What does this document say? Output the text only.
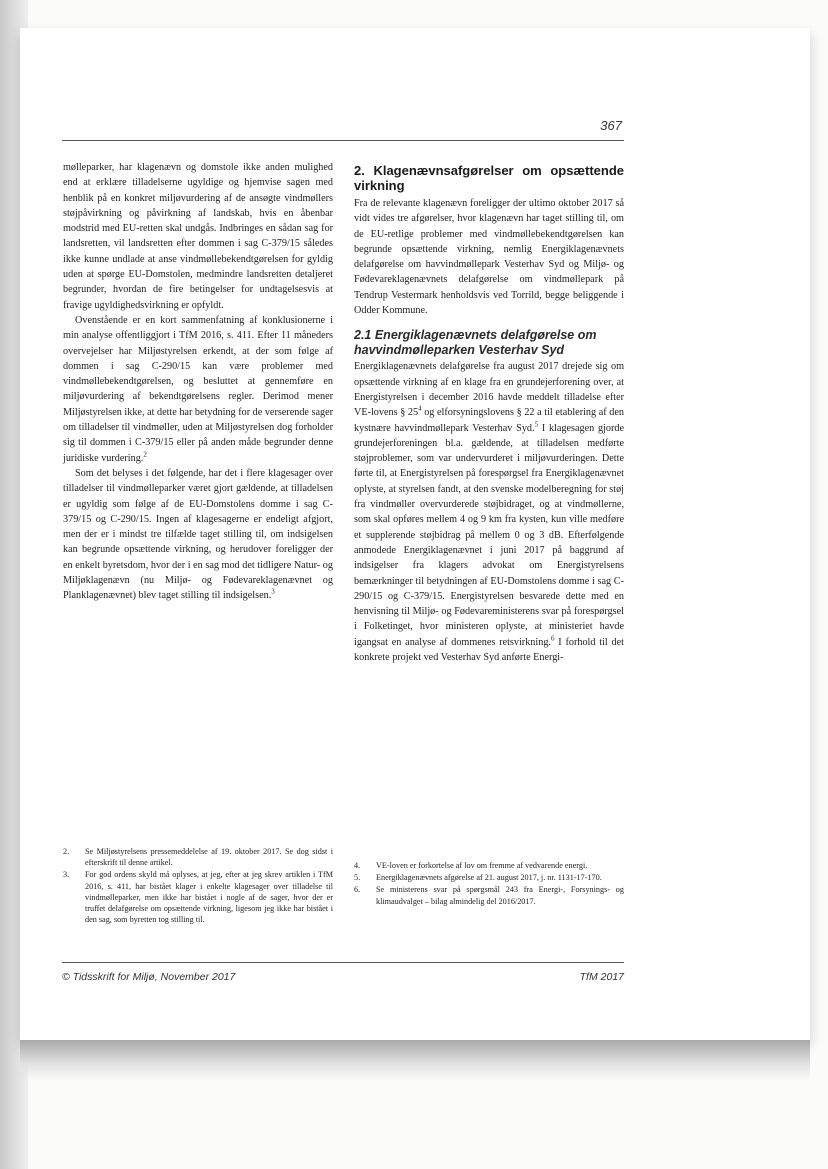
367

mølleparker, har klagenævn og domstole ikke anden mulighed end at erklære tilladelserne ugyldige og hjemvise sagen med henblik på en konkret miljøvurdering af de ansøgte vindmøllers støjpåvirkning og påvirkning af landskab, hvis en åbenbar modstrid med EU-retten skal undgås. Indbringes en sådan sag for landsretten, vil landsretten efter dommen i sag C-379/15 således ikke kunne undlade at anse vindmøllebekendtgørelsen for gyldig uden at spørge EU-Domstolen, medmindre landsretten detaljeret begrunder, hvordan de fire betingelser for undtagelsesvis at fravige ugyldighedsvirkning er opfyldt.

Ovenstående er en kort sammenfatning af konklusionerne i min analyse offentliggjort i TfM 2016, s. 411. Efter 11 måneders overvejelser har Miljøstyrelsen erkendt, at der som følge af dommen i sag C-290/15 kan være problemer med vindmøllebekendtgørelsen, og besluttet at gennemføre en miljøvurdering af bekendtgørelsens regler. Derimod mener Miljøstyrelsen ikke, at dette har betydning for de verserende sager om tilladelser til vindmøller, uden at Miljøstyrelsen dog forholder sig til dommen i C-379/15 eller på anden måde begrunder denne juridiske vurdering.$^2$

Som det belyses i det følgende, har det i flere klagesager over tilladelser til vindmølleparker været gjort gældende, at tilladelsen er ugyldig som følge af de EU-Domstolens domme i sag C-379/15 og C-290/15. Ingen af klagesagerne er endeligt afgjort, men der er i mindst tre tilfælde taget stilling til, om indsigelsen kan begrunde opsættende virkning, og herudover foreligger der en enkelt byretsdom, hvor der i en sag mod det tidligere Natur- og Miljøklagenævn (nu Miljø- og Fødevareklagenævnet og Planklagenævnet) blev taget stilling til indsigelsen.$^3$

2. Klagenævnsafgørelser om opsættende virkning

Fra de relevante klagenævn foreligger der ultimo oktober 2017 så vidt vides tre afgørelser, hvor klagenævn har taget stilling til, om de EU-retlige problemer med vindmøllebekendtgørelsen kan begrunde opsættende virkning, nemlig Energiklagenævnets delafgørelse om havvindmøllepark Vesterhav Syd og Miljø- og Fødevareklagenævnets delafgørelse om vindmøllepark på Tendrup Vestermark henholdsvis ved Torrild, begge beliggende i Odder Kommune.

2.1 Energiklagenævnets delafgørelse om havvindmølleparken Vesterhav Syd

Energiklagenævnets delafgørelse fra august 2017 drejede sig om opsættende virkning af en klage fra en grundejerforening over, at Energistyrelsen i december 2016 havde meddelt tilladelse efter VE-lovens § $25^4$ og elforsyningslovens § 22 a til etablering af den kystnære havvindmøllepark Vesterhav Syd.$^5$ I klagesagen gjorde grundejerforeningen bl.a. gældende, at tilladelsen medførte støjproblemer, som var undervurderet i miljøvurderingen. Dette førte til, at Energistyrelsen på forespørgsel fra Energiklagenævnet oplyste, at styrelsen fandt, at den svenske modelberegning for støj fra vindmøller overvurderede støjbidraget, og at vindmøllerne, som skal opføres mellem 4 og 9 km fra kysten, kun ville medføre et supplerende støjbidrag på mellem 0 og 3 dB. Efterfølgende anmodede Energiklagenævnet i juni 2017 på baggrund af indsigelser fra klagers advokat om Energistyrelsens bemærkninger til betydningen af EU-Domstolens domme i sag C-290/15 og C-379/15. Energistyrelsen besvarede dette med en henvisning til Miljø- og Fødevareministerens svar på forespørgsel i Folketinget, hvor ministeren oplyste, at ministeriet havde igangsat en analyse af dommenes retsvirkning.$^6$ I forhold til det konkrete projekt ved Vesterhav Syd anførte Energi-

2.	Se Miljøstyrelsens pressemeddelelse af 19. oktober 2017. Se dog sidst i efterskrift til denne artikel.
3.	For god ordens skyld må oplyses, at jeg, efter at jeg skrev artiklen i TfM 2016, s. 411, har bistået klager i enkelte klagesager over tilladelse til vindmølleparker, men ikke har bistået i nogle af de sager, hvor der er truffet delafgørelse om opsættende virkning, ligesom jeg ikke har bistået i den sag, som byretten tog stilling til.
4.	VE-loven er forkortelse af lov om fremme af vedvarende energi.
5.	Energiklagenævnets afgørelse af 21. august 2017, j. nr. 1131-17-170.
6.	Se ministerens svar på spørgsmål 243 fra Energi-, Forsynings- og klimaudvalget – bilag almindelig del 2016/2017.
© Tidsskrift for Miljø, November 2017	TfM 2017
